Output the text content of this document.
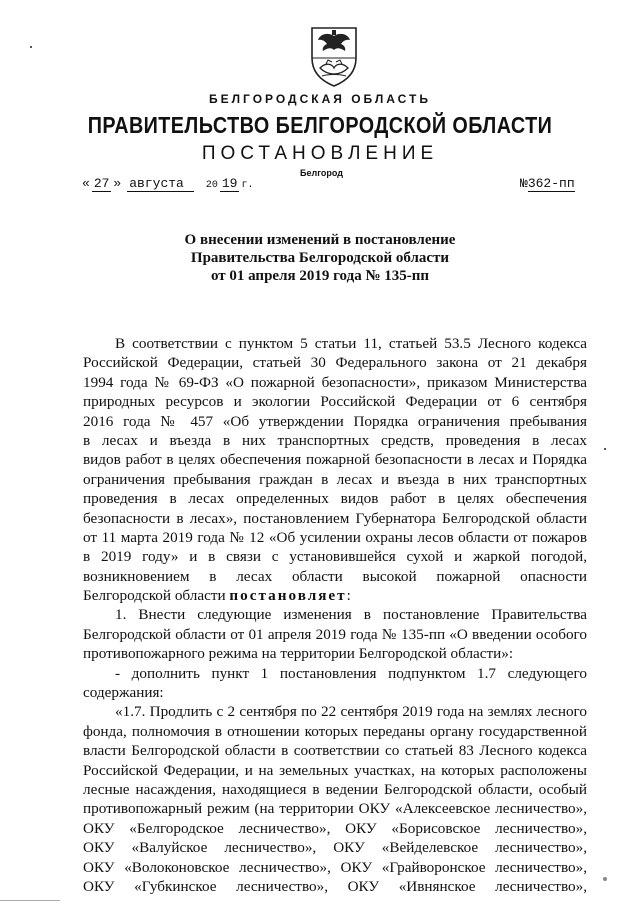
БЕЛГОРОДСКАЯ ОБЛАСТЬ
ПРАВИТЕЛЬСТВО БЕЛГОРОДСКОЙ ОБЛАСТИ
ПОСТАНОВЛЕНИЕ
Белгород
« 27 » августа	20 19 г.	№362-пп
О внесении изменений в постановление
Правительства Белгородской области
от 01 апреля 2019 года № 135-пп
В соответствии с пунктом 5 статьи 11, статьей 53.5 Лесного кодекса
Российской Федерации, статьей 30 Федерального закона от 21 декабря
1994 года № 69-ФЗ «О пожарной безопасности», приказом Министерства
природных ресурсов и экологии Российской Федерации от 6 сентября
2016 года № 457 «Об утверждении Порядка ограничения пребывания
в лесах и въезда в них транспортных средств, проведения в лесах
видов работ в целях обеспечения пожарной безопасности в лесах и Порядка
ограничения пребывания граждан в лесах и въезда в них транспортных
проведения в лесах определенных видов работ в целях обеспечения
безопасности в лесах», постановлением Губернатора Белгородской области
от 11 марта 2019 года № 12 «Об усилении охраны лесов области от пожаров
в 2019 году» и в связи с установившейся сухой и жаркой погодой,
возникновением в лесах области высокой пожарной опасности
Белгородской области постановляет:
1. Внести следующие изменения в постановление Правительства
Белгородской области от 01 апреля 2019 года № 135-пп «О введении особого
противопожарного режима на территории Белгородской области»:
- дополнить пункт 1 постановления подпунктом 1.7 следующего
содержания:
«1.7. Продлить с 2 сентября по 22 сентября 2019 года на землях лесного
фонда, полномочия в отношении которых переданы органу государственной
власти Белгородской области в соответствии со статьей 83 Лесного кодекса
Российской Федерации, и на земельных участках, на которых расположены
лесные насаждения, находящиеся в ведении Белгородской области, особый
противопожарный режим (на территории ОКУ «Алексеевское лесничество»,
ОКУ «Белгородское лесничество», ОКУ «Борисовское лесничество»,
ОКУ «Валуйское лесничество», ОКУ «Вейделевское лесничество»,
ОКУ «Волоконовское лесничество», ОКУ «Грайворонское лесничество»,
ОКУ «Губкинское лесничество», ОКУ «Ивнянское лесничество»,
